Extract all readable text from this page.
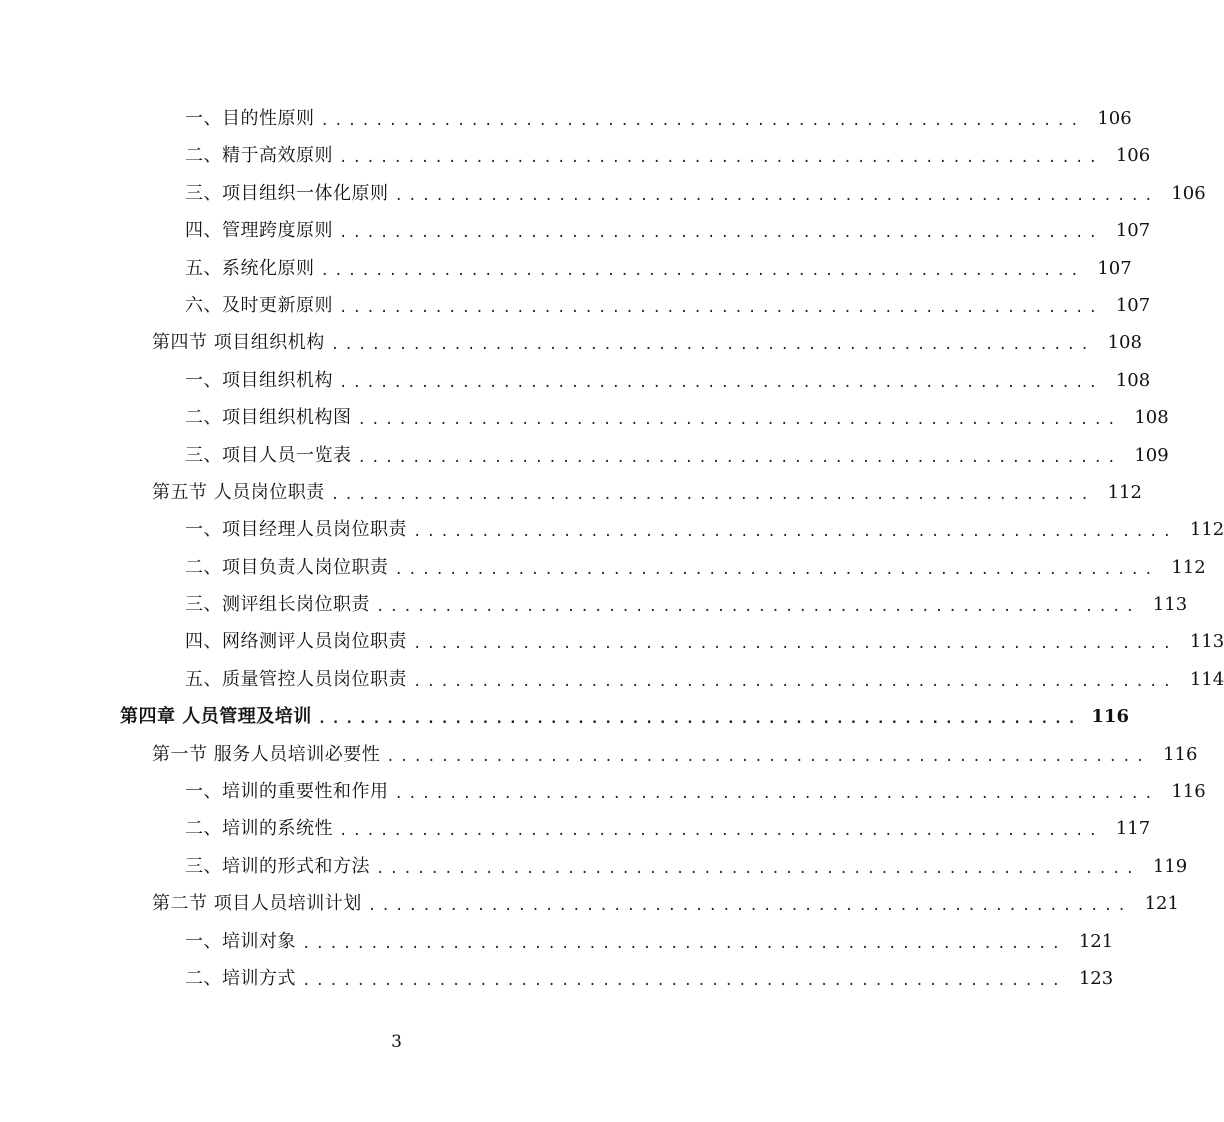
一、目的性原则 ........................................................ 106
二、精于高效原则 ........................................................ 106
三、项目组织一体化原则 ........................................................ 106
四、管理跨度原则 ........................................................ 107
五、系统化原则 ........................................................ 107
六、及时更新原则 ........................................................ 107
第四节 项目组织机构 ........................................................ 108
一、项目组织机构 ........................................................ 108
二、项目组织机构图 ........................................................ 108
三、项目人员一览表 ........................................................ 109
第五节 人员岗位职责 ........................................................ 112
一、项目经理人员岗位职责 ........................................................ 112
二、项目负责人岗位职责 ........................................................ 112
三、测评组长岗位职责 ........................................................ 113
四、网络测评人员岗位职责 ........................................................ 113
五、质量管控人员岗位职责 ........................................................ 114
第四章 人员管理及培训 ........................................................ 116
第一节 服务人员培训必要性 ........................................................ 116
一、培训的重要性和作用 ........................................................ 116
二、培训的系统性 ........................................................ 117
三、培训的形式和方法 ........................................................ 119
第二节 项目人员培训计划 ........................................................ 121
一、培训对象 ........................................................ 121
二、培训方式 ........................................................ 123
3
